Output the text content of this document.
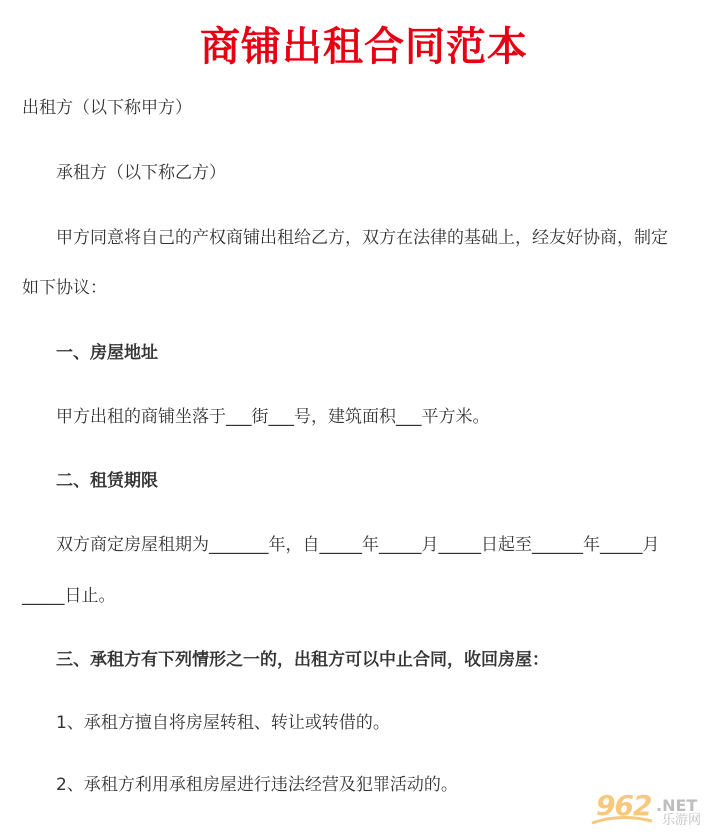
商铺出租合同范本
出租方（以下称甲方）
承租方（以下称乙方）
甲方同意将自己的产权商铺出租给乙方，双方在法律的基础上，经友好协商，制定
如下协议：
一、房屋地址
甲方出租的商铺坐落于___街___号，建筑面积___平方米。
二、租赁期限
双方商定房屋租期为_______年，自_____年_____月_____日起至______年_____月
_____日止。
三、承租方有下列情形之一的，出租方可以中止合同，收回房屋：
1、承租方擅自将房屋转租、转让或转借的。
2、承租方利用承租房屋进行违法经营及犯罪活动的。
962 .NET
乐游网
